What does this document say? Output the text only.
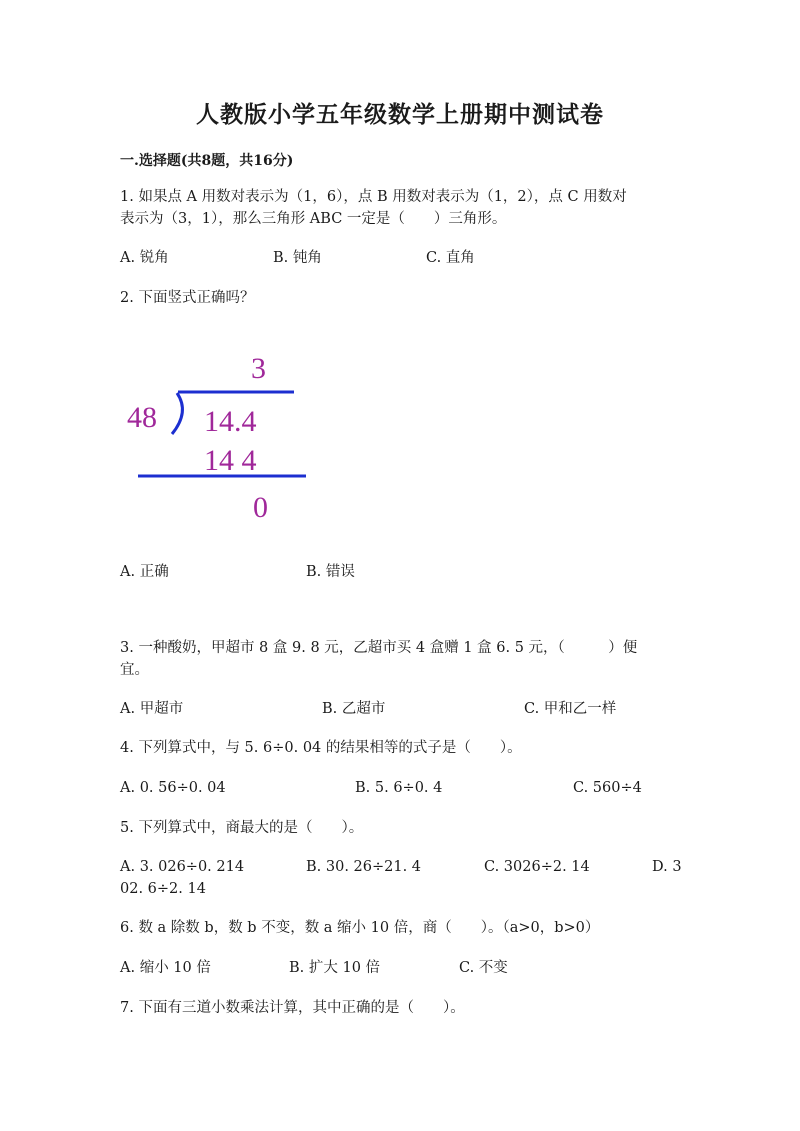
人教版小学五年级数学上册期中测试卷
一.选择题(共8题，共16分)
1. 如果点 A 用数对表示为（1，6），点 B 用数对表示为（1，2），点 C 用数对
表示为（3，1），那么三角形 ABC 一定是（　　）三角形。
A. 锐角	B. 钝角	C. 直角
2. 下面竖式正确吗？
3
48 14.4
14 4
0
A. 正确	B. 错误
3. 一种酸奶，甲超市 8 盒 9. 8 元，乙超市买 4 盒赠 1 盒 6. 5 元，（　　　）便
宜。
A. 甲超市	B. 乙超市	C. 甲和乙一样
4. 下列算式中，与 5. 6÷0. 04 的结果相等的式子是（　　）。
A. 0. 56÷0. 04	B. 5. 6÷0. 4	C. 560÷4
5. 下列算式中，商最大的是（　　）。
A. 3. 026÷0. 214	B. 30. 26÷21. 4	C. 3026÷2. 14	D. 3
02. 6÷2. 14
6. 数 a 除数 b，数 b 不变，数 a 缩小 10 倍，商（　　）。（a>0，b>0）
A. 缩小 10 倍	B. 扩大 10 倍	C. 不变
7. 下面有三道小数乘法计算，其中正确的是（　　）。
